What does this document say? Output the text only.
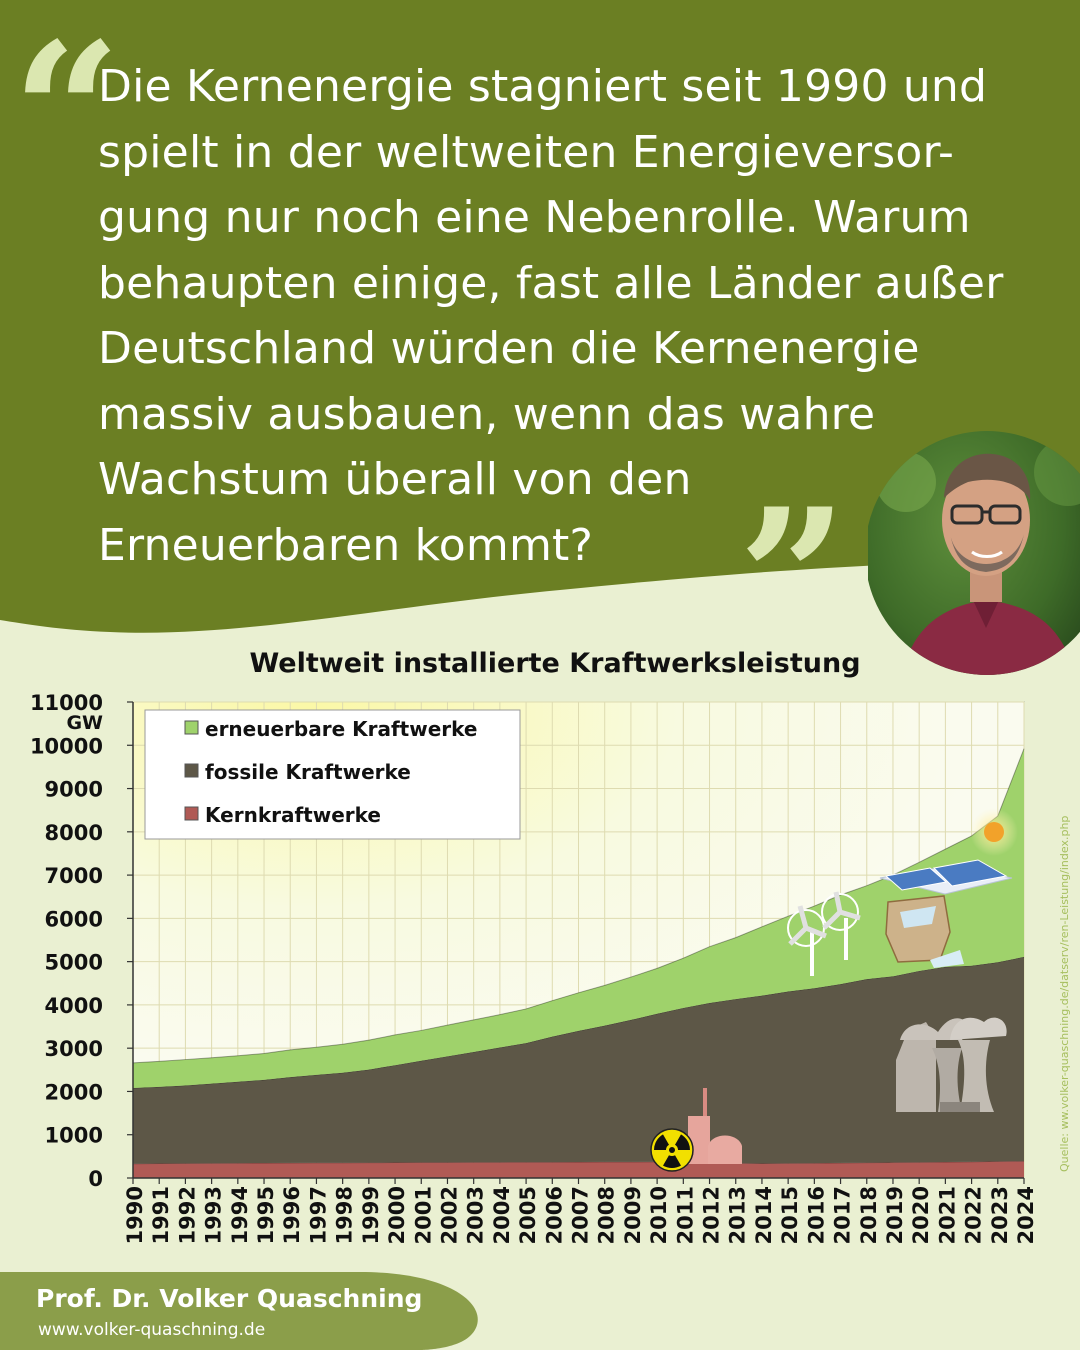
“
”
Die Kernenergie stagniert seit 1990 und
spielt in der weltweiten Energieversor-
gung nur noch eine Nebenrolle. Warum
behaupten einige, fast alle Länder außer
Deutschland würden die Kernenergie
massiv ausbauen, wenn das wahre
Wachstum überall von den
Erneuerbaren kommt?
Weltweit installierte Kraftwerksleistung
0
1000
2000
3000
4000
5000
6000
7000
8000
9000
10000
11000
GW
1990 1991 1992 1993 1994 1995 1996 1997 1998 1999 2000 2001 2002 2003 2004 2005 2006 2007 2008 2009 2010 2011 2012 2013 2014 2015 2016 2017 2018 2019 2020 2021 2022 2023 2024
erneuerbare Kraftwerke
fossile Kraftwerke
Kernkraftwerke
Quelle: ww.volker-quaschning.de/datserv/ren-Leistung/index.php
Prof. Dr. Volker Quaschning
www.volker-quaschning.de
